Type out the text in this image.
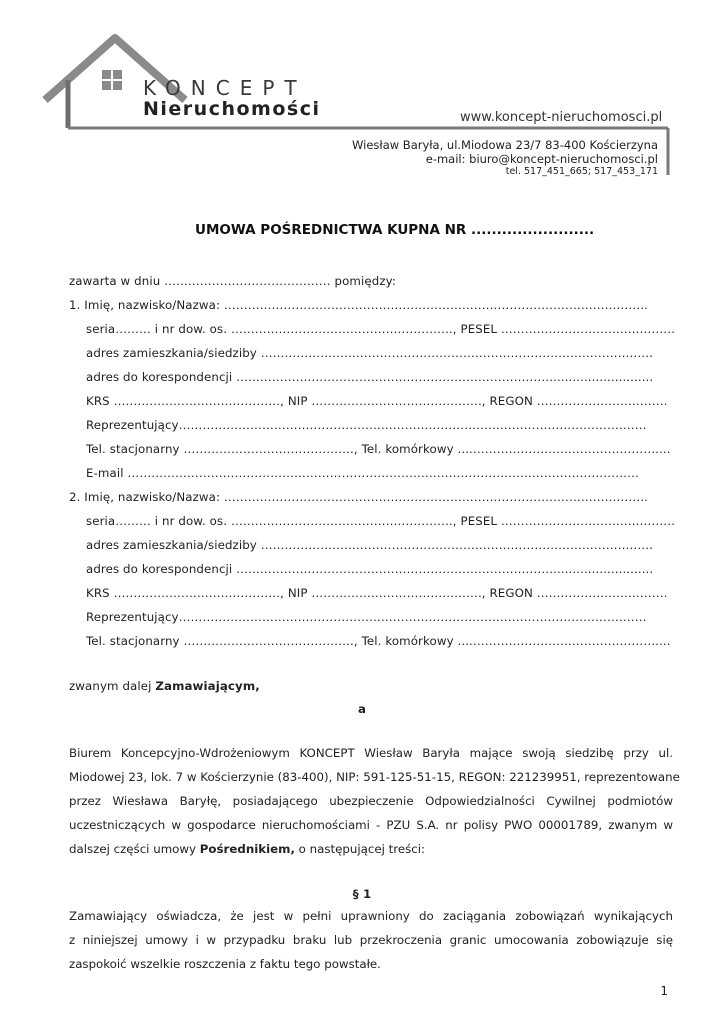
KONCEPT
Nieruchomości	www.koncept-nieruchomosci.pl
Wiesław Baryła, ul.Miodowa 23/7 83-400 Kościerzyna
e-mail: biuro@koncept-nieruchomosci.pl
tel. 517_451_665; 517_453_171
UMOWA POŚREDNICTWA KUPNA NR ........................
zawarta w dniu …………………………………… pomiędzy:
1. Imię, nazwisko/Nazwa: ……………………………………………………………………………………………..
seria……… i nr dow. os. ……………………………………………….., PESEL ……………………………..………
adres zamieszkania/siedziby ………………………………………………………………………………….…..
adres do korespondencji ……………….……………………………………………………...........................
KRS ……………………………………, NIP ……………………………………., REGON ……………………………
Reprezentujący……………………………………………………………………………………………………….
Tel. stacjonarny ……………………………………., Tel. komórkowy ....……………….………………………....
E-mail …………………………………………………………………………………………………………………
2. Imię, nazwisko/Nazwa: ……………………………………………………………………………………………..
seria……… i nr dow. os. ……………………………………………….., PESEL ……………………………..………
adres zamieszkania/siedziby ………………………………………………………………………………….…..
adres do korespondencji ……………….……………………………………………………...........................
KRS ……………………………………, NIP ……………………………………., REGON ……………………………
Reprezentujący……………………………………………………………………………………………………….
Tel. stacjonarny ……………………………………., Tel. komórkowy ....……………….………………………....
zwanym dalej Zamawiającym,
a
Biurem Koncepcyjno-Wdrożeniowym KONCEPT Wiesław Baryła mające swoją siedzibę przy ul.
Miodowej 23, lok. 7 w Kościerzynie (83-400), NIP: 591-125-51-15, REGON: 221239951, reprezentowane
przez Wiesława Baryłę, posiadającego ubezpieczenie Odpowiedzialności Cywilnej podmiotów
uczestniczących w gospodarce nieruchomościami - PZU S.A. nr polisy PWO 00001789, zwanym w
dalszej części umowy Pośrednikiem, o następującej treści:
§ 1
Zamawiający oświadcza, że jest w pełni uprawniony do zaciągania zobowiązań wynikających
z niniejszej umowy i w przypadku braku lub przekroczenia granic umocowania zobowiązuje się
zaspokoić wszelkie roszczenia z faktu tego powstałe.
1
